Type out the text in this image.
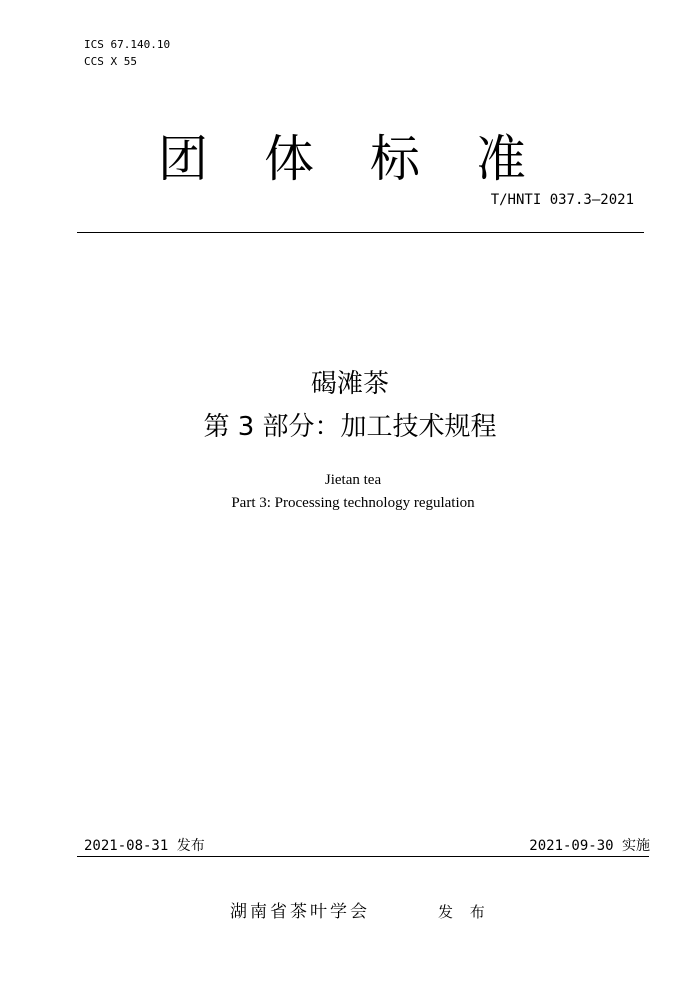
ICS 67.140.10
CCS X 55
团体标准
T/HNTI 037.3—2021
碣滩茶
第 3 部分：加工技术规程
Jietan tea
Part 3: Processing technology regulation
2021-08-31 发布	2021-09-30 实施
湖南省茶叶学会	发 布
